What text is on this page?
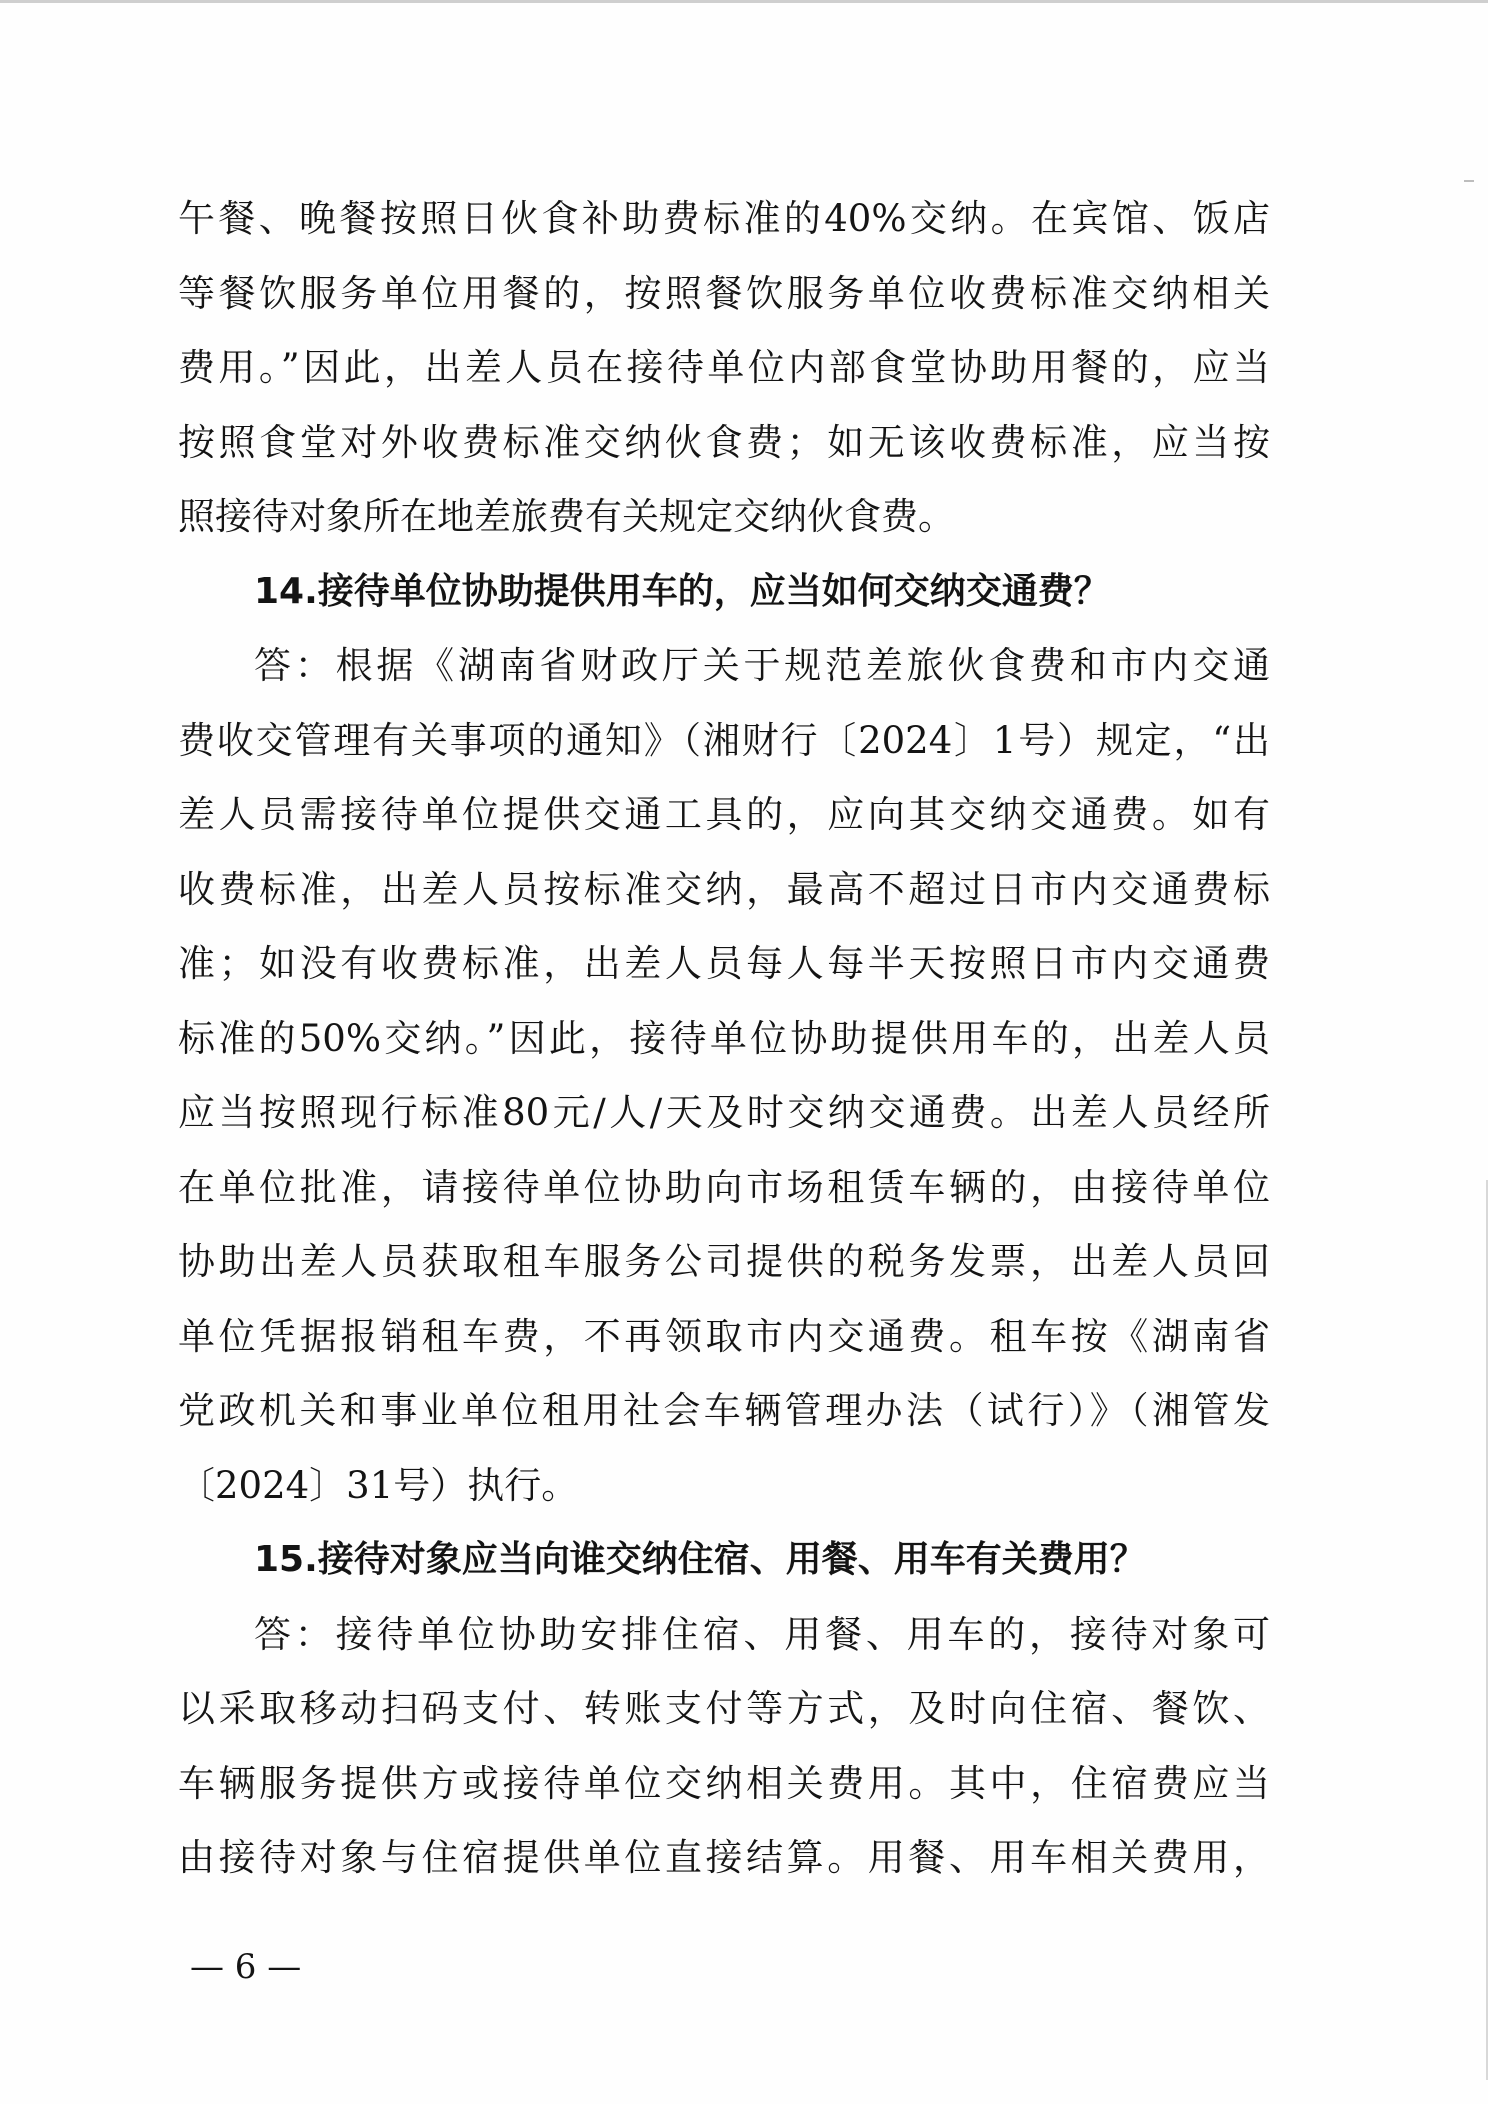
午餐、晚餐按照日伙食补助费标准的40%交纳。在宾馆、饭店
等餐饮服务单位用餐的，按照餐饮服务单位收费标准交纳相关
费用。”因此，出差人员在接待单位内部食堂协助用餐的，应当
按照食堂对外收费标准交纳伙食费；如无该收费标准，应当按
照接待对象所在地差旅费有关规定交纳伙食费。
14.接待单位协助提供用车的，应当如何交纳交通费？
答：根据《湖南省财政厅关于规范差旅伙食费和市内交通
费收交管理有关事项的通知》（湘财行〔2024〕1号）规定，“出
差人员需接待单位提供交通工具的，应向其交纳交通费。如有
收费标准，出差人员按标准交纳，最高不超过日市内交通费标
准；如没有收费标准，出差人员每人每半天按照日市内交通费
标准的50%交纳。”因此，接待单位协助提供用车的，出差人员
应当按照现行标准80元/人/天及时交纳交通费。出差人员经所
在单位批准，请接待单位协助向市场租赁车辆的，由接待单位
协助出差人员获取租车服务公司提供的税务发票，出差人员回
单位凭据报销租车费，不再领取市内交通费。租车按《湖南省
党政机关和事业单位租用社会车辆管理办法（试行）》（湘管发
〔2024〕31号）执行。
15.接待对象应当向谁交纳住宿、用餐、用车有关费用？
答：接待单位协助安排住宿、用餐、用车的，接待对象可
以采取移动扫码支付、转账支付等方式，及时向住宿、餐饮、
车辆服务提供方或接待单位交纳相关费用。其中，住宿费应当
由接待对象与住宿提供单位直接结算。用餐、用车相关费用，
— 6 —
